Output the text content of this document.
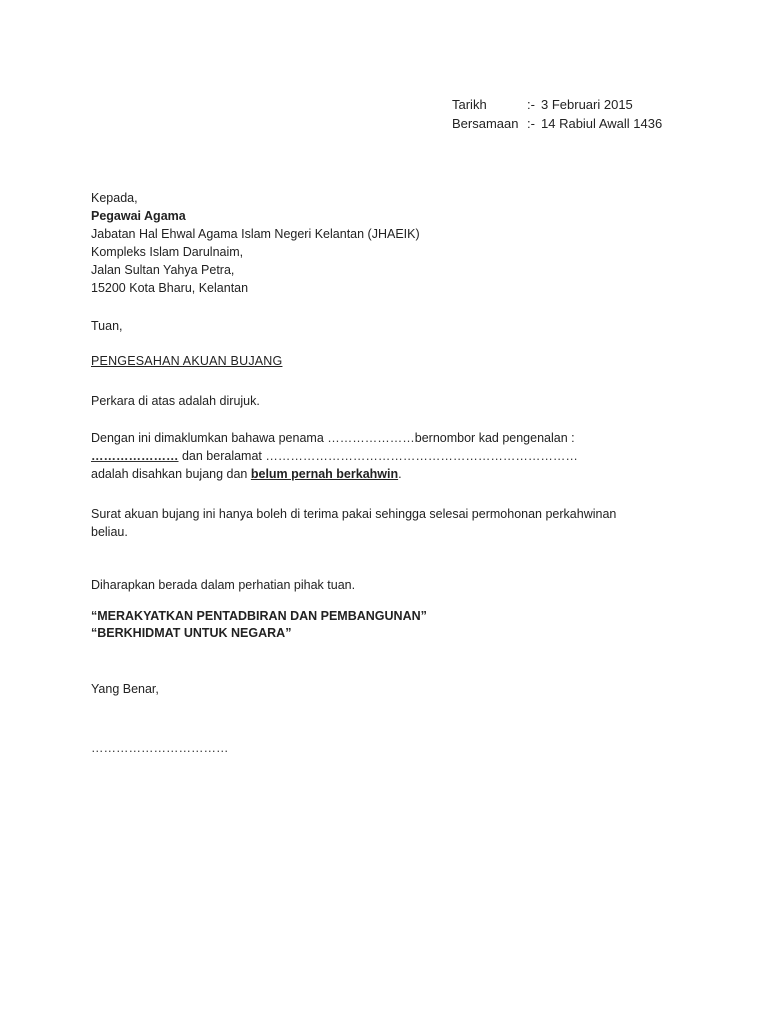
Tarikh	:- 3 Februari 2015
Bersamaan :- 14 Rabiul Awall 1436
Kepada,
Pegawai Agama
Jabatan Hal Ehwal Agama Islam Negeri Kelantan (JHAEIK)
Kompleks Islam Darulnaim,
Jalan Sultan Yahya Petra,
15200 Kota Bharu, Kelantan
Tuan,
PENGESAHAN AKUAN BUJANG
Perkara di atas adalah dirujuk.
Dengan ini dimaklumkan bahawa penama …………………bernombor kad pengenalan :
………………… dan beralamat …………………………………………………………………
adalah disahkan bujang dan belum pernah berkahwin.
Surat akuan bujang ini hanya boleh di terima pakai sehingga selesai permohonan perkahwinan
beliau.
Diharapkan berada dalam perhatian pihak tuan.
“MERAKYATKAN PENTADBIRAN DAN PEMBANGUNAN”
“BERKHIDMAT UNTUK NEGARA”
Yang Benar,
……………………………
